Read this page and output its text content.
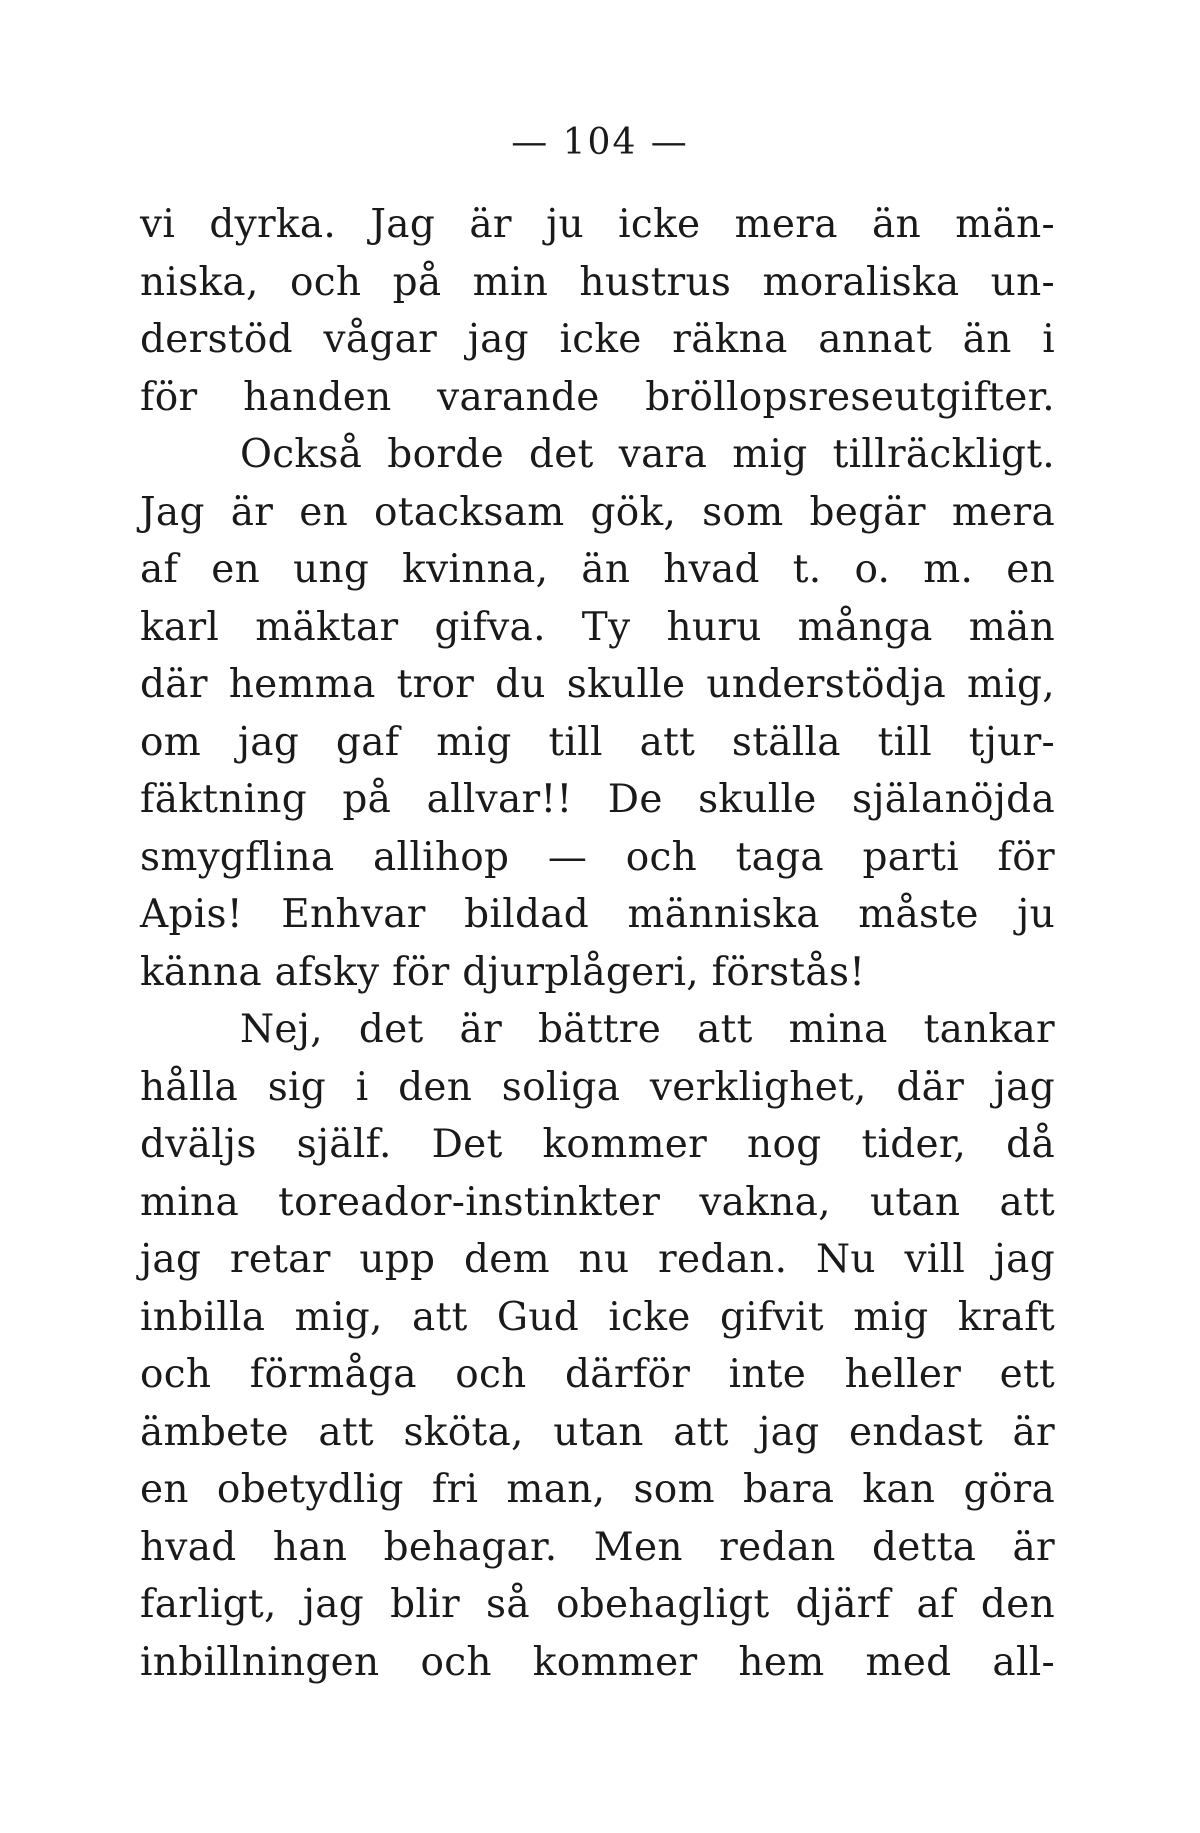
— 104 —
vi dyrka. Jag är ju icke mera än män-
niska, och på min hustrus moraliska un-
derstöd vågar jag icke räkna annat än i
för handen varande bröllopsreseutgifter.
Också borde det vara mig tillräckligt.
Jag är en otacksam gök, som begär mera
af en ung kvinna, än hvad t. o. m. en
karl mäktar gifva. Ty huru många män
där hemma tror du skulle understödja mig,
om jag gaf mig till att ställa till tjur-
fäktning på allvar!! De skulle själanöjda
smygflina allihop — och taga parti för
Apis! Enhvar bildad människa måste ju
känna afsky för djurplågeri, förstås!
Nej, det är bättre att mina tankar
hålla sig i den soliga verklighet, där jag
dväljs själf. Det kommer nog tider, då
mina toreador-instinkter vakna, utan att
jag retar upp dem nu redan. Nu vill jag
inbilla mig, att Gud icke gifvit mig kraft
och förmåga och därför inte heller ett
ämbete att sköta, utan att jag endast är
en obetydlig fri man, som bara kan göra
hvad han behagar. Men redan detta är
farligt, jag blir så obehagligt djärf af den
inbillningen och kommer hem med all-
